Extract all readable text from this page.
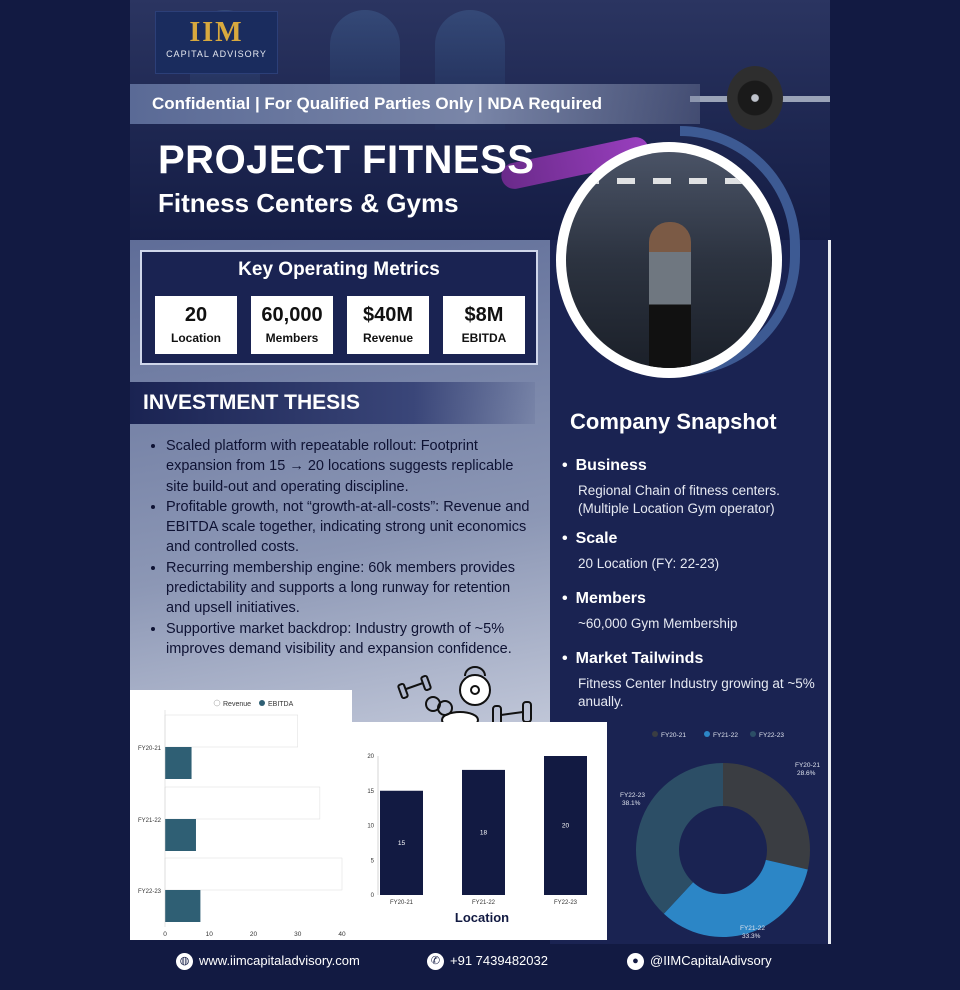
IIM
CAPITAL ADVISORY
Confidential | For Qualified Parties Only | NDA Required
PROJECT FITNESS
Fitness Centers & Gyms
Key Operating Metrics
20
Location
60,000
Members
$40M
Revenue
$8M
EBITDA
INVESTMENT THESIS
• Scaled platform with repeatable rollout: Footprint expansion from 15 → 20 locations suggests replicable site build-out and operating discipline.
• Profitable growth, not “growth-at-all-costs”: Revenue and EBITDA scale together, indicating strong unit economics and controlled costs.
• Recurring membership engine: 60k members provides predictability and supports a long runway for retention and upsell initiatives.
• Supportive market backdrop: Industry growth of ~5% improves demand visibility and expansion confidence.
Company Snapshot
• Business
Regional Chain of fitness centers. (Multiple Location Gym operator)
• Scale
20 Location (FY: 22-23)
• Members
~60,000 Gym Membership
• Market Tailwinds
Fitness Center Industry growing at ~5% anually.
Revenue EBITDA
FY20-21
FY21-22
FY22-23
0	10	20	30	40
0
5
10
15
20
15
FY20-21
18
FY21-22
20
FY22-23
Location
FY20-21	FY21-22	FY22-23
FY20-21
28.6%
FY21-22
33.3%
FY22-23
38.1%
◍ www.iimcapitaladvisory.com	✆ +91 7439482032	● @IIMCapitalAdivsory
